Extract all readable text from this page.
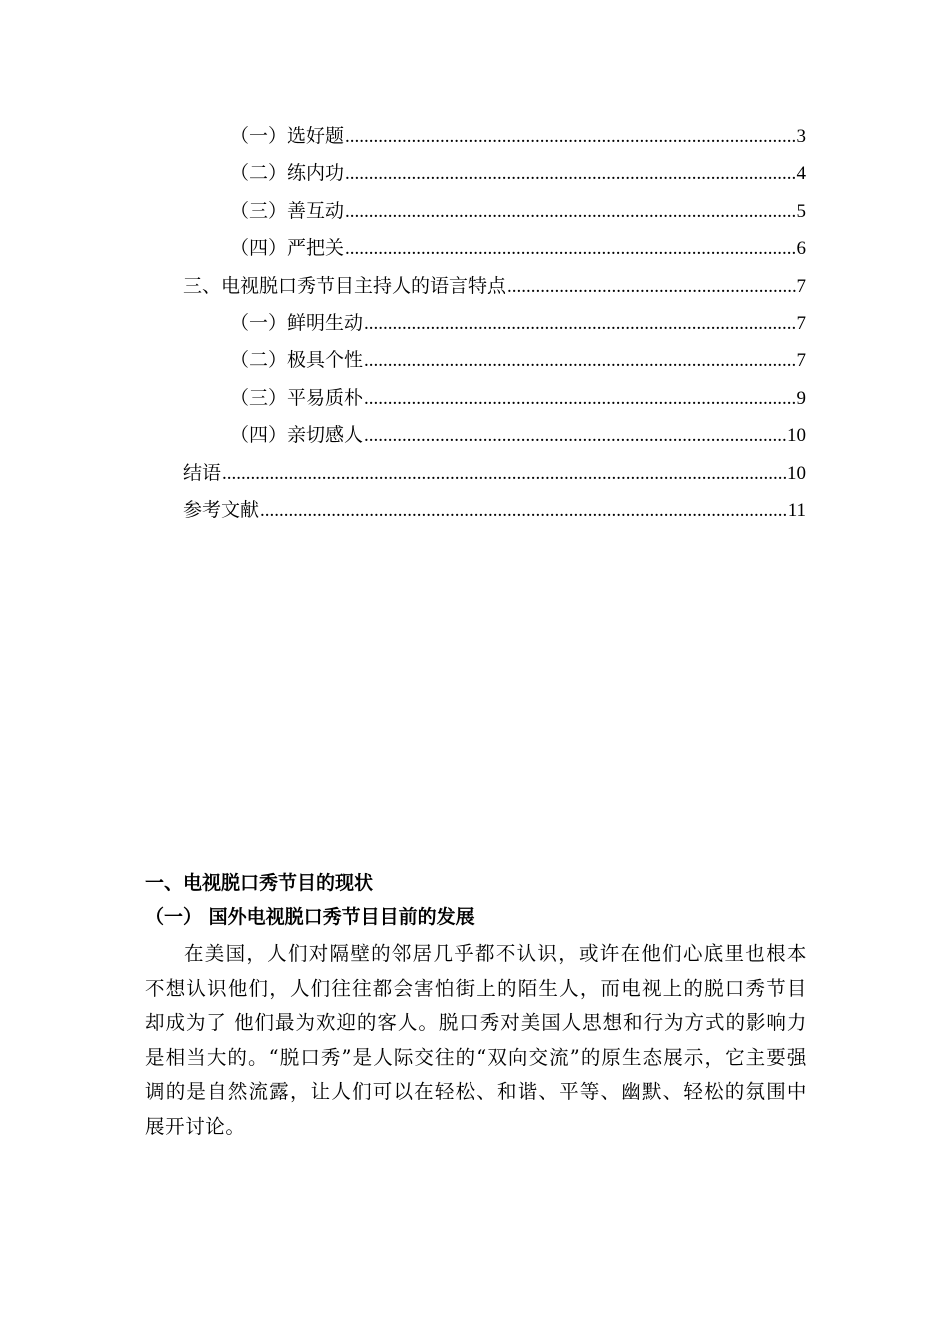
（一）选好题 .....	3
（二）练内功 .....	4
（三）善互动 .....	5
（四）严把关 .....	6
三、电视脱口秀节目主持人的语言特点 .....	7
（一）鲜明生动 .....	7
（二）极具个性 .....	7
（三）平易质朴 .....	9
（四）亲切感人 .....	10
结语 .....	10
参考文献 .....	11
一、电视脱口秀节目的现状
（一） 国外电视脱口秀节目目前的发展
在美国，人们对隔壁的邻居几乎都不认识，或许在他们心底里也根本不想认识他们，人们往往都会害怕街上的陌生人，而电视上的脱口秀节目却成为了 他们最为欢迎的客人。脱口秀对美国人思想和行为方式的影响力是相当大的。“脱口秀”是人际交往的“双向交流”的原生态展示，它主要强调的是自然流露，让人们可以在轻松、和谐、平等、幽默、轻松的氛围中展开讨论。
